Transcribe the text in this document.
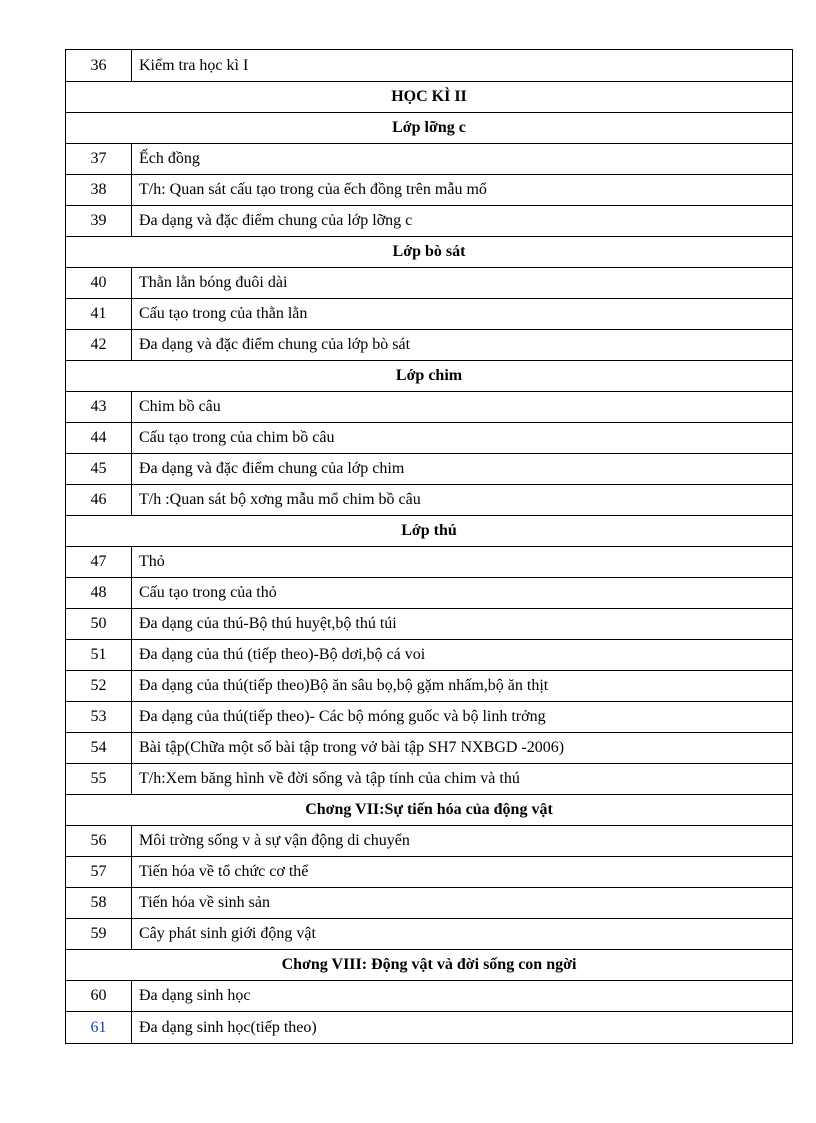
36	Kiểm tra học kì I
HỌC KÌ II	
Lớp lỡng c	
37	Ếch đồng
38	T/h: Quan sát cấu tạo trong của ếch đồng trên mẫu mổ
39	Đa dạng và đặc điểm chung của lớp lỡng c
Lớp bò sát	
40	Thằn lằn bóng đuôi dài
41	Cấu tạo trong của thằn lằn
42	Đa dạng và đặc điểm chung của lớp bò sát
Lớp chim	
43	Chim bồ câu
44	Cấu tạo trong của chim bồ câu
45	Đa dạng và đặc điểm chung của lớp chim
46	T/h :Quan sát bộ xơng mẫu mổ chim bồ câu
Lớp thú	
47	Thỏ
48	Cấu tạo trong của thỏ
50	Đa dạng của thú-Bộ thú huyệt,bộ thú túi
51	Đa dạng của thú (tiếp theo)-Bộ dơi,bộ cá voi
52	Đa dạng của thú(tiếp theo)Bộ ăn sâu bọ,bộ gặm nhấm,bộ ăn thịt
53	Đa dạng của thú(tiếp theo)- Các bộ móng guốc và bộ linh trởng
54	Bài tập(Chữa một số bài tập trong vở bài tập SH7 NXBGD -2006)
55	T/h:Xem băng hình về đời sống và tập tính của chim và thú
Chơng VII:Sự tiến hóa của động vật	
56	Môi trờng sống v à sự vận động di chuyển
57	Tiến hóa về tổ chức cơ thể
58	Tiến hóa về sinh sản
59	Cây phát sinh giới động vật
Chơng VIII: Động vật và đời sống con ngời	
60	Đa dạng sinh học
61	Đa dạng sinh học(tiếp theo)
